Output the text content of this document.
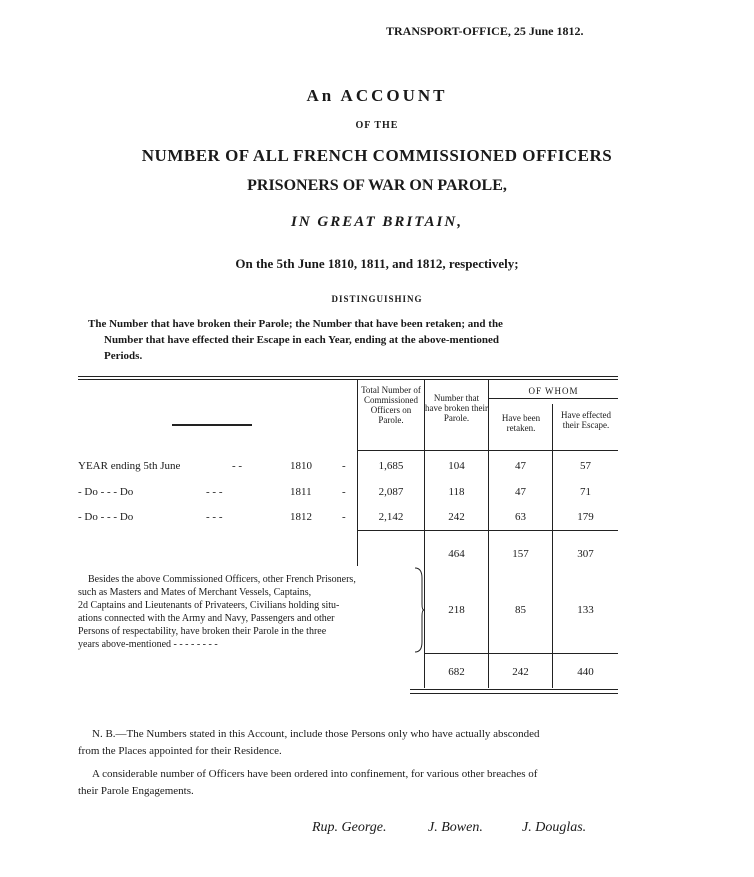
TRANSPORT-OFFICE, 25 June 1812.
An ACCOUNT
OF THE
NUMBER OF ALL FRENCH COMMISSIONED OFFICERS
PRISONERS OF WAR ON PAROLE,
IN GREAT BRITAIN,
On the 5th June 1810, 1811, and 1812, respectively;
DISTINGUISHING
The Number that have broken their Parole; the Number that have been retaken; and the
Number that have effected their Escape in each Year, ending at the above-mentioned
Periods.
Total Number of Commissioned Officers on Parole.
Number that have broken their Parole.
OF WHOM
Have been retaken.
Have effected their Escape.
YEAR ending 5th June	- -	1810	-	1,685	104	47	57
- Do - - - Do	- - -	1811	-	2,087	118	47	71
- Do - - - Do	- - -	1812	-	2,142	242	63	179
464	157	307
Besides the above Commissioned Officers, other French Prisoners,
such as Masters and Mates of Merchant Vessels, Captains,
2d Captains and Lieutenants of Privateers, Civilians holding situ-
ations connected with the Army and Navy, Passengers and other
Persons of respectability, have broken their Parole in the three
years above-mentioned - - - - - - - -
218	85	133
682	242	440
N. B.—The Numbers stated in this Account, include those Persons only who have actually absconded
from the Places appointed for their Residence.
A considerable number of Officers have been ordered into confinement, for various other breaches of
their Parole Engagements.
Rup. George.	J. Bowen.	J. Douglas.
